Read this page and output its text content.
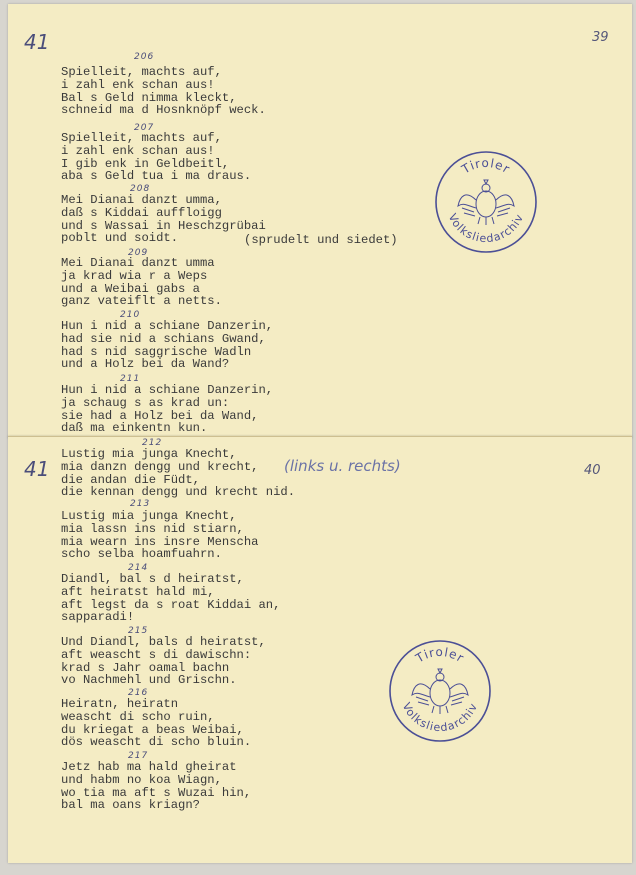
41	39
206
Spielleit, machts auf,
i zahl enk schan aus!
Bal s Geld nimma kleckt,
schneid ma d Hosnknöpf weck.
207
Spielleit, machts auf,
i zahl enk schan aus!
I gib enk in Geldbeitl,
aba s Geld tua i ma draus.
208
Mei Dianai danzt umma,
daß s Kiddai auffloigg
und s Wassai in Heschzgrübai
poblt und soidt.	(sprudelt und siedet)
209
Mei Dianai danzt umma
ja krad wia r a Weps
und a Weibai gabs a
ganz vateiflt a netts.
210
Hun i nid a schiane Danzerin,
had sie nid a schians Gwand,
had s nid saggrische Wadln
und a Holz bei da Wand?
211
Hun i nid a schiane Danzerin,
ja schaug s as krad un:
sie had a Holz bei da Wand,
daß ma einkentn kun.
Tiroler
Volksliedarchiv
41	40
(links u. rechts)
212
Lustig mia junga Knecht,
mia danzn dengg und krecht,
die andan die Füdt,
die kennan dengg und krecht nid.
213
Lustig mia junga Knecht,
mia lassn ins nid stiarn,
mia wearn ins insre Menscha
scho selba hoamfuahrn.
214
Diandl, bal s d heiratst,
aft heiratst hald mi,
aft legst da s roat Kiddai an,
sapparadi!
215
Und Diandl, bals d heiratst,
aft weascht s di dawischn:
krad s Jahr oamal bachn
vo Nachmehl und Grischn.
216
Heiratn, heiratn
weascht di scho ruin,
du kriegat a beas Weibai,
dös weascht di scho bluin.
217
Jetz hab ma hald gheirat
und habm no koa Wiagn,
wo tia ma aft s Wuzai hin,
bal ma oans kriagn?
Tiroler
Volksliedarchiv
